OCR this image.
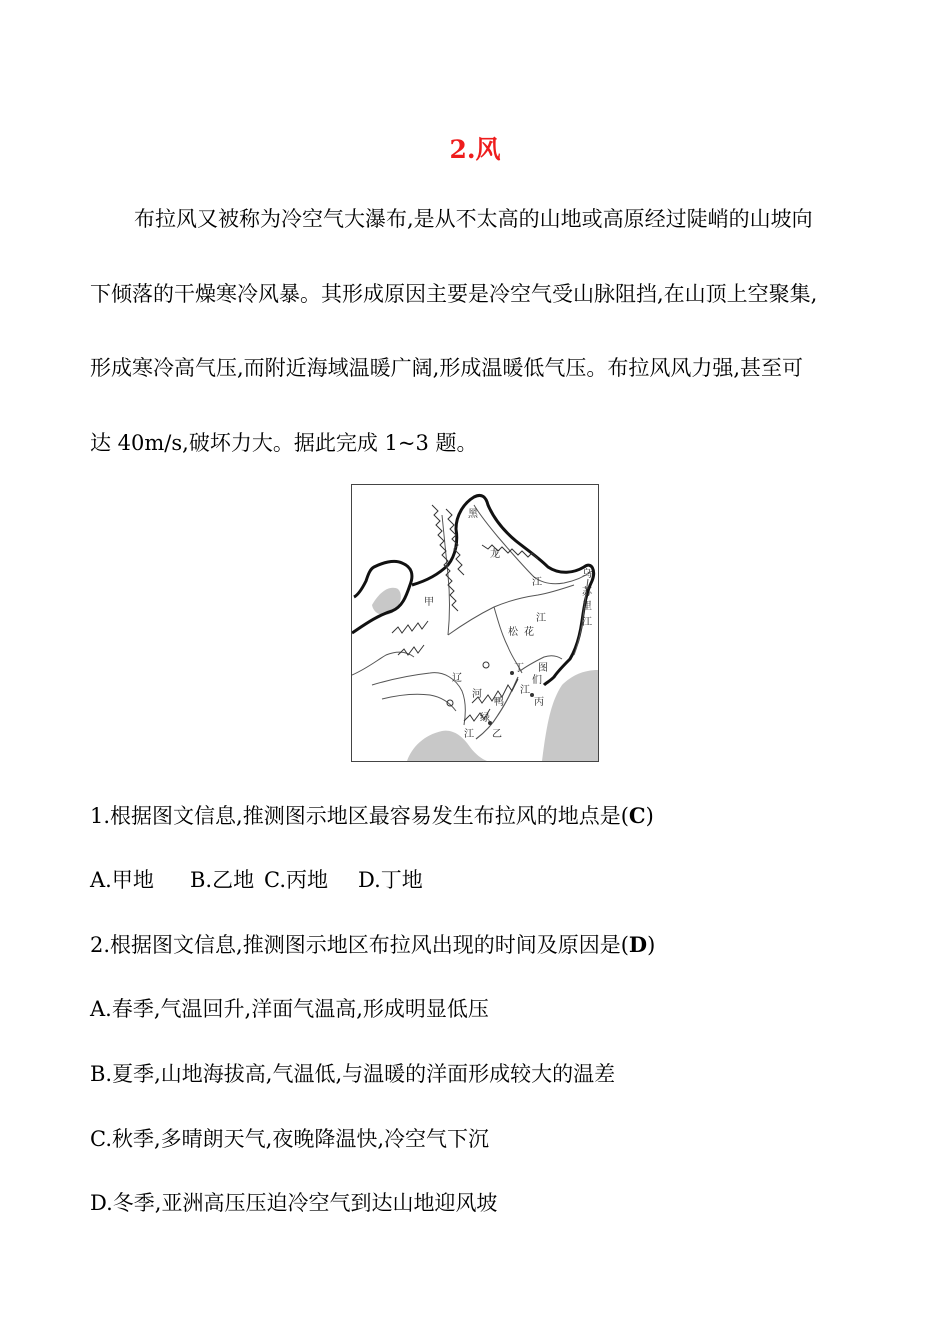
2.风
布拉风又被称为冷空气大瀑布,是从不太高的山地或高原经过陡峭的山坡向
下倾落的干燥寒冷风暴。其形成原因主要是冷空气受山脉阻挡,在山顶上空聚集,
形成寒冷高气压,而附近海域温暖广阔,形成温暖低气压。布拉风风力强,甚至可
达 40m/s,破坏力大。据此完成 1~3 题。
黑
龙
江
乌
苏
里
江
甲
松 花
江
图
们
江
丁
丙
辽
河
鸭
绿
江 乙
1.根据图文信息,推测图示地区最容易发生布拉风的地点是(C)
A.甲地 B.乙地 C.丙地 D.丁地
2.根据图文信息,推测图示地区布拉风出现的时间及原因是(D)
A.春季,气温回升,洋面气温高,形成明显低压
B.夏季,山地海拔高,气温低,与温暖的洋面形成较大的温差
C.秋季,多晴朗天气,夜晚降温快,冷空气下沉
D.冬季,亚洲高压压迫冷空气到达山地迎风坡
